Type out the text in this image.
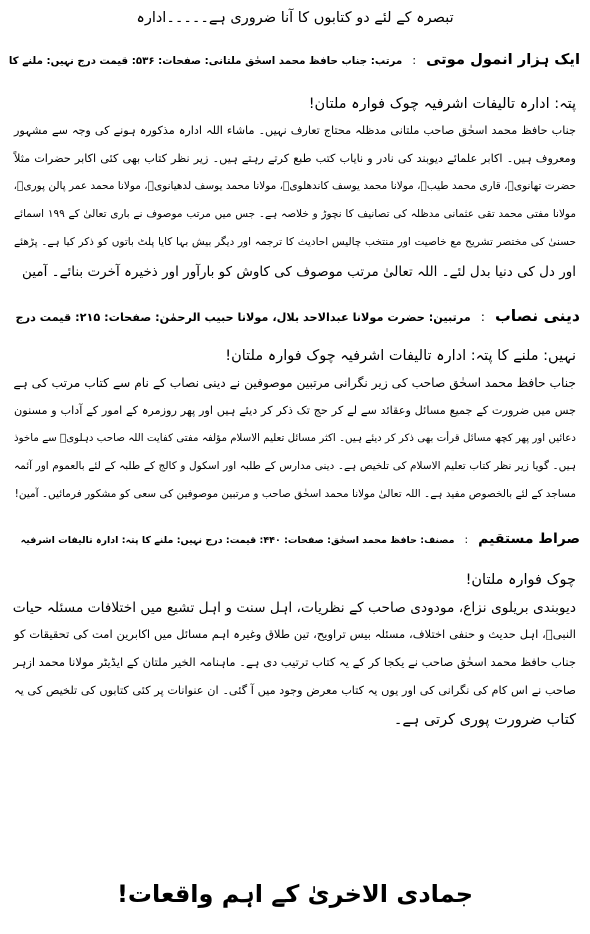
تبصرہ کے لئے دو کتابوں کا آنا ضروری ہے۔۔۔۔۔ادارہ
ایک ہزار انمول موتی:مرتب: جناب حافظ محمد اسحٰق ملتانی: صفحات: ۵۳۶: قیمت درج نہیں: ملنے کا
پتہ: ادارہ تالیفات اشرفیہ چوک فوارہ ملتان!
جناب حافظ محمد اسحٰق صاحب ملتانی مدظلہ محتاج تعارف نہیں۔ ماشاء اللہ ادارہ مذکورہ ہونے کی وجہ سے مشہور
ومعروف ہیں۔ اکابر علمائے دیوبند کی نادر و نایاب کتب طبع کرتے رہتے ہیں۔ زیر نظر کتاب بھی کئی اکابر حضرات مثلاً
حضرت تھانویؒ، قاری محمد طیبؒ، مولانا محمد یوسف کاندھلویؒ، مولانا محمد یوسف لدھیانویؒ، مولانا محمد عمر پالن پوریؒ،
مولانا مفتی محمد تقی عثمانی مدظلہ کی تصانیف کا نچوڑ و خلاصہ ہے۔ جس میں مرتب موصوف نے باری تعالیٰ کے ۱۹۹ اسمائے
حسنیٰ کی مختصر تشریح مع خاصیت اور منتخب چالیس احادیث کا ترجمہ اور دیگر بیش بہا کایا پلٹ باتوں کو ذکر کیا ہے۔ پڑھئے
اور دل کی دنیا بدل لئے۔ اللہ تعالیٰ مرتب موصوف کی کاوش کو بارآور اور ذخیرہ آخرت بنائے۔ آمین
دینی نصاب:مرتبین: حضرت مولانا عبدالاحد بلال، مولانا حبیب الرحمٰن: صفحات: ۲۱۵: قیمت درج
نہیں: ملنے کا پتہ: ادارہ تالیفات اشرفیہ چوک فوارہ ملتان!
جناب حافظ محمد اسحٰق صاحب کی زیر نگرانی مرتبین موصوفین نے دینی نصاب کے نام سے کتاب مرتب کی ہے
جس میں ضرورت کے جمیع مسائل وعقائد سے لے کر حج تک ذکر کر دیئے ہیں اور پھر روزمرہ کے امور کے آداب و مسنون
دعائیں اور پھر کچھ مسائل قرأت بھی ذکر کر دیئے ہیں۔ اکثر مسائل تعلیم الاسلام مؤلفہ مفتی کفایت اللہ صاحب دہلویؒ سے ماخوذ
ہیں۔ گویا زیر نظر کتاب تعلیم الاسلام کی تلخیص ہے۔ دینی مدارس کے طلبہ اور اسکول و کالج کے طلبہ کے لئے بالعموم اور آئمہ
مساجد کے لئے بالخصوص مفید ہے۔ اللہ تعالیٰ مولانا محمد اسحٰق صاحب و مرتبین موصوفین کی سعی کو مشکور فرمائیں۔ آمین!
صراط مستقیم:مصنف: حافظ محمد اسحٰق: صفحات: ۴۴۰: قیمت: درج نہیں: ملنے کا پتہ: ادارہ تالیفات اشرفیہ
چوک فوارہ ملتان!
دیوبندی بریلوی نزاع، مودودی صاحب کے نظریات، اہل سنت و اہل تشیع میں اختلافات مسئلہ حیات
النبیؐ، اہل حدیث و حنفی اختلاف، مسئلہ بیس تراویح، تین طلاق وغیرہ اہم مسائل میں اکابرین امت کی تحقیقات کو
جناب حافظ محمد اسحٰق صاحب نے یکجا کر کے یہ کتاب ترتیب دی ہے۔ ماہنامہ الخیر ملتان کے ایڈیٹر مولانا محمد ازہر
صاحب نے اس کام کی نگرانی کی اور یوں یہ کتاب معرض وجود میں آ گئی۔ ان عنوانات پر کئی کتابوں کی تلخیص کی یہ
کتاب ضرورت پوری کرتی ہے۔
جمادی الاخریٰ کے اہم واقعات!
